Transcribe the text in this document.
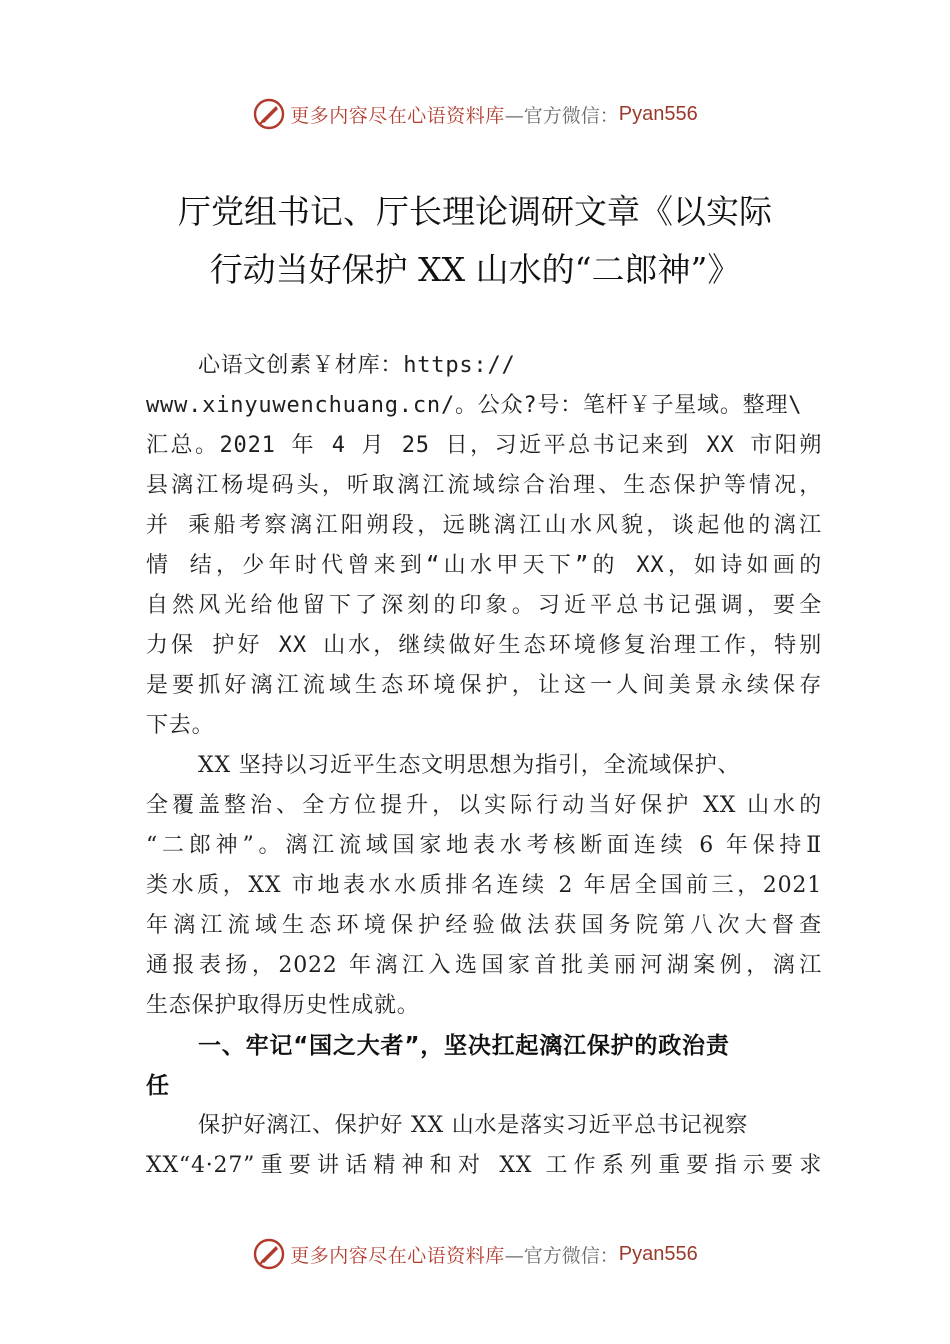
更多内容尽在心语资料库 —官方微信： Pyan556
厅党组书记、厅长理论调研文章《以实际
行动当好保护 XX 山水的“二郎神”》
心语文创素￥材库：https://
www.xinyuwenchuang.cn/。公众?号：笔杆￥子星域。整理\
汇总。2021 年 4 月 25 日，习近平总书记来到 XX 市阳朔
县漓江杨堤码头，听取漓江流域综合治理、生态保护等情况，
并 乘船考察漓江阳朔段，远眺漓江山水风貌，谈起他的漓江
情 结，少年时代曾来到“山水甲天下”的 XX，如诗如画的
自然风光给他留下了深刻的印象。习近平总书记强调，要全
力保 护好 XX 山水，继续做好生态环境修复治理工作，特别
是要抓好漓江流域生态环境保护，让这一人间美景永续保存
下去。
XX 坚持以习近平生态文明思想为指引，全流域保护、
全覆盖整治、全方位提升，以实际行动当好保护 XX 山水的
“二郎神”。漓江流域国家地表水考核断面连续 6 年保持Ⅱ
类水质，XX 市地表水水质排名连续 2 年居全国前三，2021
年漓江流域生态环境保护经验做法获国务院第八次大督查
通报表扬，2022 年漓江入选国家首批美丽河湖案例，漓江
生态保护取得历史性成就。
一、牢记“国之大者”，坚决扛起漓江保护的政治责
任
保护好漓江、保护好 XX 山水是落实习近平总书记视察
XX“4·27”重要讲话精神和对 XX 工作系列重要指示要求
更多内容尽在心语资料库 —官方微信： Pyan556
